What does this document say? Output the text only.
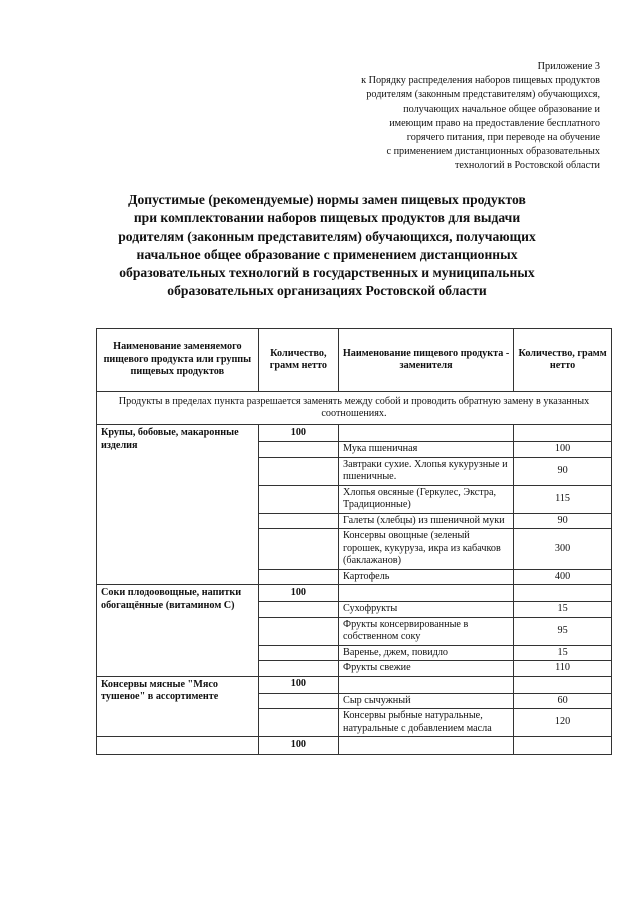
Приложение 3
к Порядку распределения наборов пищевых продуктов
родителям (законным представителям) обучающихся,
получающих начальное общее образование и
имеющим право на предоставление бесплатного
горячего питания, при переводе на обучение
с применением дистанционных образовательных
технологий в Ростовской области
Допустимые (рекомендуемые) нормы замен пищевых продуктов
при комплектовании наборов пищевых продуктов для выдачи
родителям (законным представителям) обучающихся, получающих
начальное общее образование с применением дистанционных
образовательных технологий в государственных и муниципальных
образовательных организациях Ростовской области
Наименование заменяемого пищевого продукта или группы пищевых продуктов	Количество, грамм нетто	Наименование пищевого продукта - заменителя	Количество, грамм нетто
Продукты в пределах пункта разрешается заменять между собой и проводить обратную замену в указанных соотношениях.			
Крупы, бобовые, макаронные изделия	100		
		Мука пшеничная	100
		Завтраки сухие. Хлопья кукурузные и пшеничные.	90
		Хлопья овсяные (Геркулес, Экстра, Традиционные)	115
		Галеты (хлебцы) из пшеничной муки	90
		Консервы овощные (зеленый горошек, кукуруза, икра из кабачков (баклажанов)	300
		Картофель	400
Соки плодоовощные, напитки обогащённые (витамином С)	100		
		Сухофрукты	15
		Фрукты консервированные в собственном соку	95
		Варенье, джем, повидло	15
		Фрукты свежие	110
Консервы мясные "Мясо тушеное" в ассортименте	100		
		Сыр сычужный	60
		Консервы рыбные натуральные, натуральные с добавлением масла	120
	100		
